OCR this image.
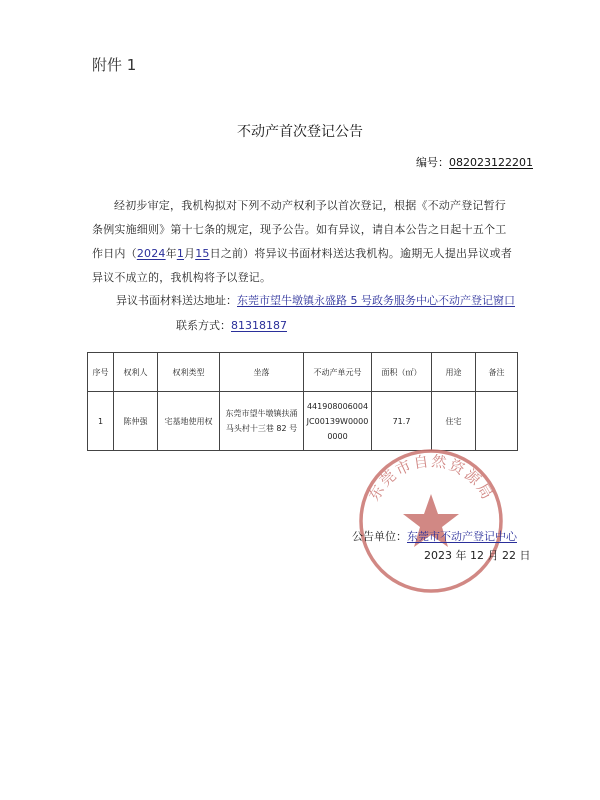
附件 1
不动产首次登记公告
编号：082023122201
经初步审定，我机构拟对下列不动产权利予以首次登记，根据《不动产登记暂行条例实施细则》第十七条的规定，现予公告。如有异议，请自本公告之日起十五个工作日内（2024年1月15日之前）将异议书面材料送达我机构。逾期无人提出异议或者异议不成立的，我机构将予以登记。
异议书面材料送达地址：东莞市望牛墩镇永盛路 5 号政务服务中心不动产登记窗口
联系方式：81318187
序号	权利人	权利类型	坐落	不动产单元号	面积（㎡）	用途	备注
1	陈仲强	宅基地使用权	东莞市望牛墩镇扶涌马头村十三巷 82 号	441908006004JC00139W00000000	71.7	住宅	
东莞市自然资源局
公告单位：东莞市不动产登记中心
2023 年 12 月 22 日
